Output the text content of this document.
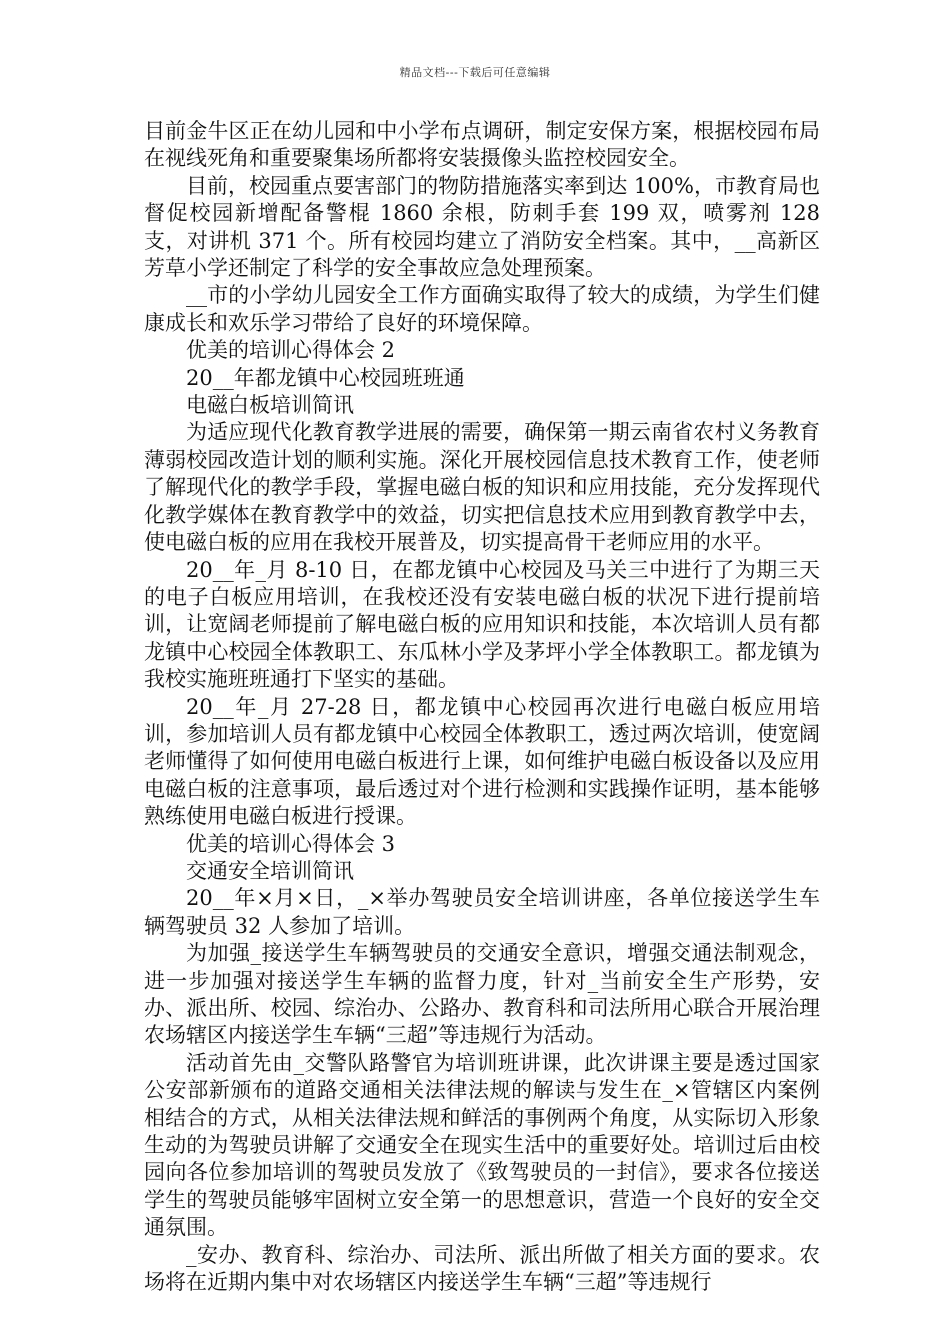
精品文档---下载后可任意编辑

目前金牛区正在幼儿园和中小学布点调研，制定安保方案，根据校园布局在视线死角和重要聚集场所都将安装摄像头监控校园安全。

目前，校园重点要害部门的物防措施落实率到达 100%，市教育局也督促校园新增配备警棍 1860 余根，防刺手套 199 双，喷雾剂 128 支，对讲机 371 个。所有校园均建立了消防安全档案。其中，__高新区芳草小学还制定了科学的安全事故应急处理预案。

__市的小学幼儿园安全工作方面确实取得了较大的成绩，为学生们健康成长和欢乐学习带给了良好的环境保障。

优美的培训心得体会 2

20__年都龙镇中心校园班班通

电磁白板培训简讯

为适应现代化教育教学进展的需要，确保第一期云南省农村义务教育薄弱校园改造计划的顺利实施。深化开展校园信息技术教育工作，使老师了解现代化的教学手段，掌握电磁白板的知识和应用技能，充分发挥现代化教学媒体在教育教学中的效益，切实把信息技术应用到教育教学中去，使电磁白板的应用在我校开展普及，切实提高骨干老师应用的水平。

20__年_月 8-10 日，在都龙镇中心校园及马关三中进行了为期三天的电子白板应用培训，在我校还没有安装电磁白板的状况下进行提前培训，让宽阔老师提前了解电磁白板的应用知识和技能，本次培训人员有都龙镇中心校园全体教职工、东瓜林小学及茅坪小学全体教职工。都龙镇为我校实施班班通打下坚实的基础。

20__年_月 27-28 日，都龙镇中心校园再次进行电磁白板应用培训，参加培训人员有都龙镇中心校园全体教职工，透过两次培训，使宽阔老师懂得了如何使用电磁白板进行上课，如何维护电磁白板设备以及应用电磁白板的注意事项，最后透过对个进行检测和实践操作证明，基本能够熟练使用电磁白板进行授课。

优美的培训心得体会 3

交通安全培训简讯

20__年×月×日，_×举办驾驶员安全培训讲座，各单位接送学生车辆驾驶员 32 人参加了培训。

为加强_接送学生车辆驾驶员的交通安全意识，增强交通法制观念，进一步加强对接送学生车辆的监督力度，针对_当前安全生产形势，安办、派出所、校园、综治办、公路办、教育科和司法所用心联合开展治理农场辖区内接送学生车辆“三超”等违规行为活动。

活动首先由_交警队路警官为培训班讲课，此次讲课主要是透过国家公安部新颁布的道路交通相关法律法规的解读与发生在_×管辖区内案例相结合的方式，从相关法律法规和鲜活的事例两个角度，从实际切入形象生动的为驾驶员讲解了交通安全在现实生活中的重要好处。培训过后由校园向各位参加培训的驾驶员发放了《致驾驶员的一封信》，要求各位接送学生的驾驶员能够牢固树立安全第一的思想意识，营造一个良好的安全交通氛围。

_安办、教育科、综治办、司法所、派出所做了相关方面的要求。农场将在近期内集中对农场辖区内接送学生车辆“三超”等违规行
